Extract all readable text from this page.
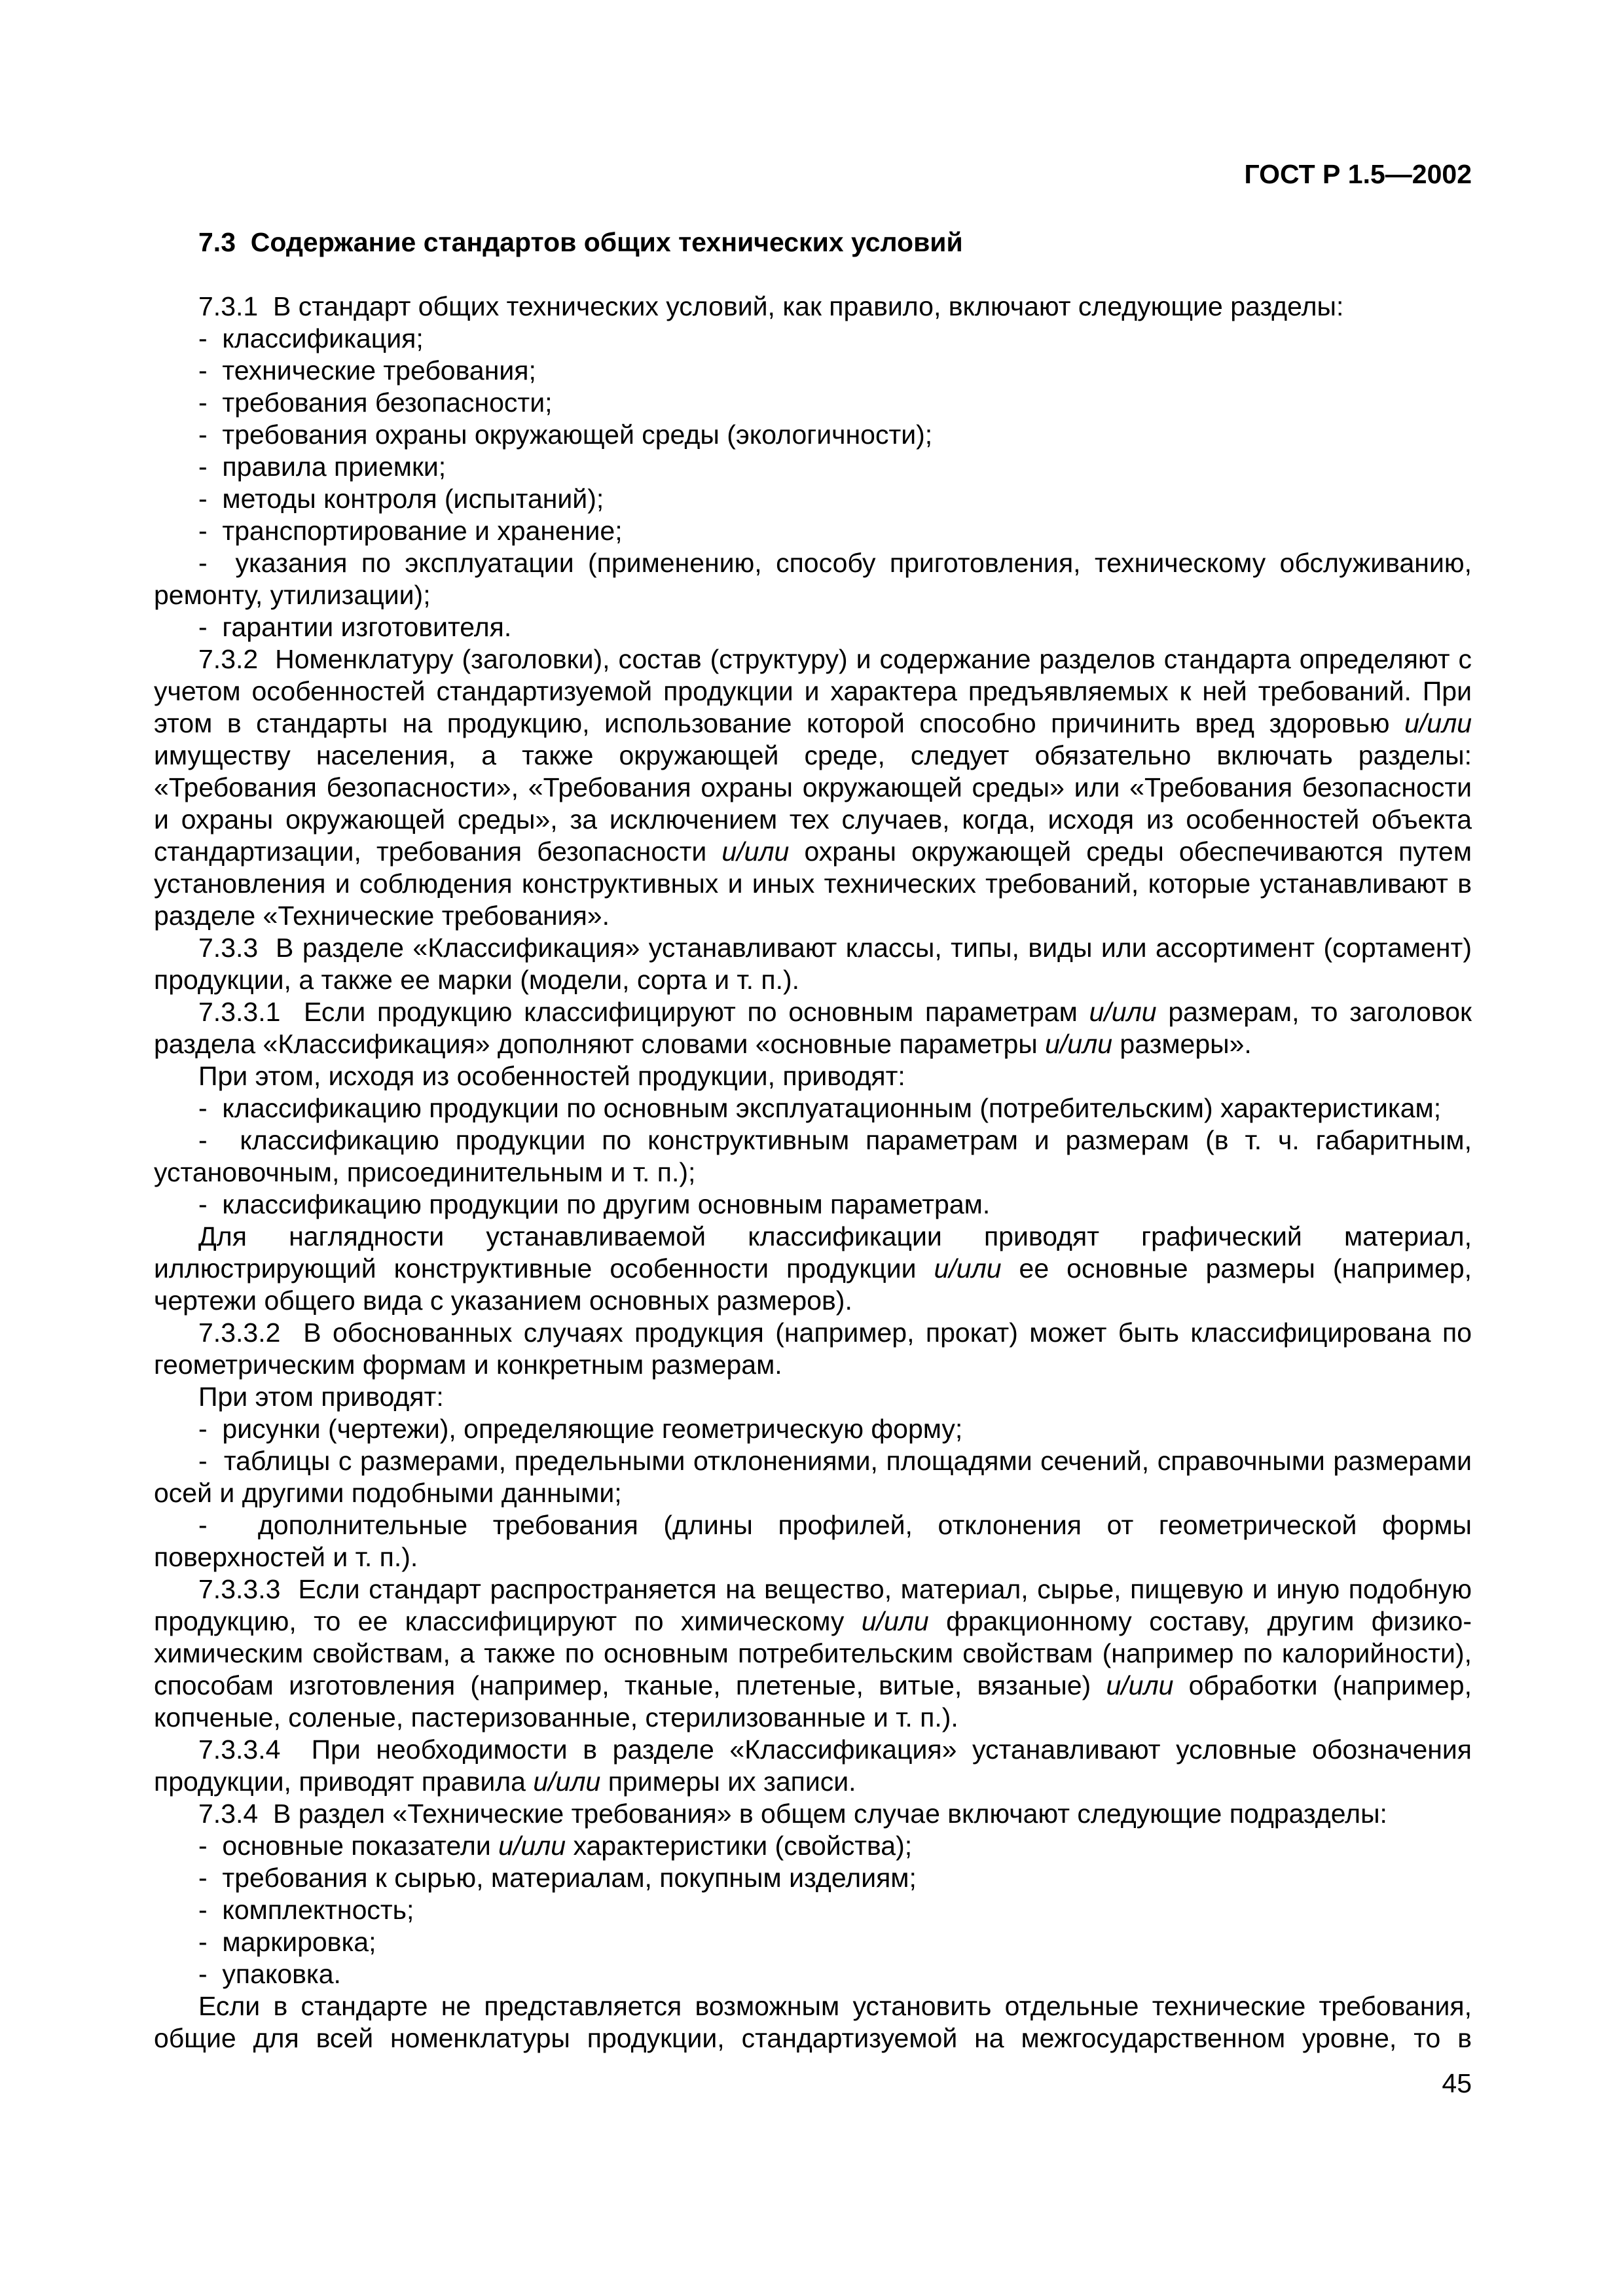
ГОСТ Р 1.5—2002
7.3  Содержание стандартов общих технических условий

7.3.1  В стандарт общих технических условий, как правило, включают следующие разделы:

-  классификация;

-  технические требования;

-  требования безопасности;

-  требования охраны окружающей среды (экологичности);

-  правила приемки;

-  методы контроля (испытаний);

-  транспортирование и хранение;

-  указания по эксплуатации (применению, способу приготовления, техническому обслуживанию, ремонту, утилизации);

-  гарантии изготовителя.

7.3.2  Номенклатуру (заголовки), состав (структуру) и содержание разделов стандарта определяют с учетом особенностей стандартизуемой продукции и характера предъявляемых к ней требований. При этом в стандарты на продукцию, использование которой способно причинить вред здоровью и/или имуществу населения, а также окружающей среде, следует обязательно включать разделы: «Требования безопасности», «Требования охраны окружающей среды» или «Требования безопасности и охраны окружающей среды», за исключением тех случаев, когда, исходя из особенностей объекта стандартизации, требования безопасности и/или охраны окружающей среды обеспечиваются путем установления и соблюдения конструктивных и иных технических требований, которые устанавливают в разделе «Технические требования».

7.3.3  В разделе «Классификация» устанавливают классы, типы, виды или ассортимент (сортамент) продукции, а также ее марки (модели, сорта и т. п.).

7.3.3.1  Если продукцию классифицируют по основным параметрам и/или размерам, то заголовок раздела «Классификация» дополняют словами «основные параметры и/или размеры».

При этом, исходя из особенностей продукции, приводят:

-  классификацию продукции по основным эксплуатационным (потребительским) характеристикам;

-  классификацию продукции по конструктивным параметрам и размерам (в т. ч. габаритным, установочным, присоединительным и т. п.);

-  классификацию продукции по другим основным параметрам.

Для наглядности устанавливаемой классификации приводят графический материал, иллюстрирующий конструктивные особенности продукции и/или ее основные размеры (например, чертежи общего вида с указанием основных размеров).

7.3.3.2  В обоснованных случаях продукция (например, прокат) может быть классифицирована по геометрическим формам и конкретным размерам.

При этом приводят:

-  рисунки (чертежи), определяющие геометрическую форму;

-  таблицы с размерами, предельными отклонениями, площадями сечений, справочными размерами осей и другими подобными данными;

-  дополнительные требования (длины профилей, отклонения от геометрической формы поверхностей и т. п.).

7.3.3.3  Если стандарт распространяется на вещество, материал, сырье, пищевую и иную подобную продукцию, то ее классифицируют по химическому и/или фракционному составу, другим физико-химическим свойствам, а также по основным потребительским свойствам (например по калорийности), способам изготовления (например, тканые, плетеные, витые, вязаные) и/или обработки (например, копченые, соленые, пастеризованные, стерилизованные и т. п.).

7.3.3.4  При необходимости в разделе «Классификация» устанавливают условные обозначения продукции, приводят правила и/или примеры их записи.

7.3.4  В раздел «Технические требования» в общем случае включают следующие подразделы:

-  основные показатели и/или характеристики (свойства);

-  требования к сырью, материалам, покупным изделиям;

-  комплектность;

-  маркировка;

-  упаковка.

Если в стандарте не представляется возможным установить отдельные технические требования, общие для всей номенклатуры продукции, стандартизуемой на межгосударственном уровне, то в

45
